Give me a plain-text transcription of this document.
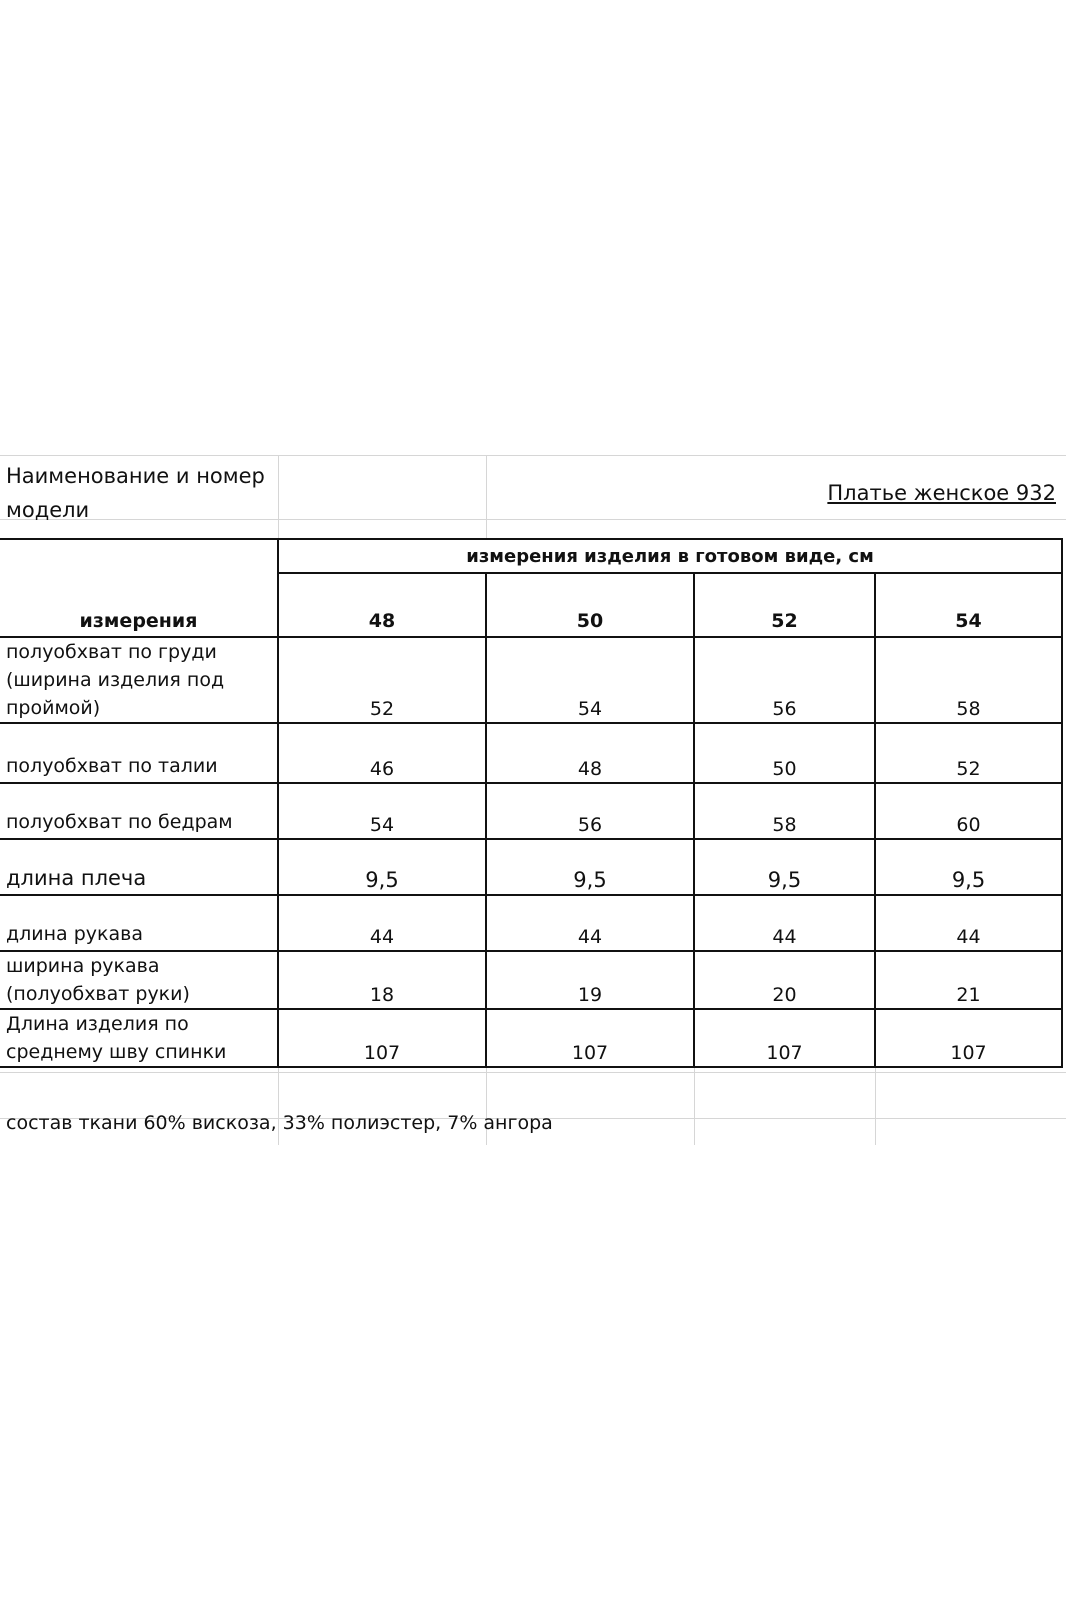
Наименование и номер модели
Платье женское 932
измерения	измерения изделия в готовом виде, см			
	48	50	52	54
полуобхват по груди (ширина изделия под проймой)	52	54	56	58
полуобхват по талии	46	48	50	52
полуобхват по бедрам	54	56	58	60
длина плеча	9,5	9,5	9,5	9,5
длина рукава	44	44	44	44
ширина рукава (полуобхват руки)	18	19	20	21
Длина изделия по среднему шву спинки	107	107	107	107
состав ткани 60% вискоза, 33% полиэстер, 7% ангора
